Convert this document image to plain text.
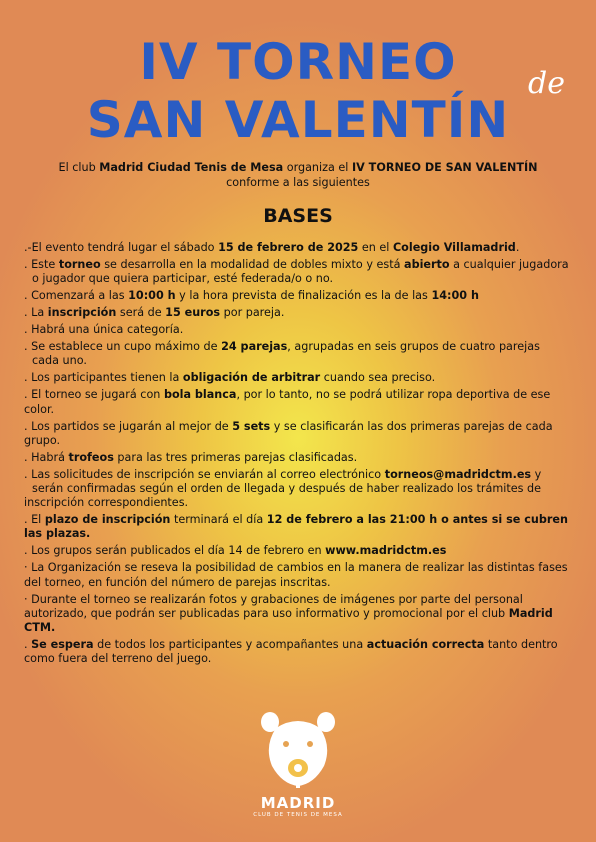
IV TORNEO	de
SAN VALENTÍN
El club Madrid Ciudad Tenis de Mesa organiza el IV TORNEO DE SAN VALENTÍN
conforme a las siguientes
BASES

.-El evento tendrá lugar el sábado 15 de febrero de 2025 en el Colegio Villamadrid.

. Este torneo se desarrolla en la modalidad de dobles mixto y está abierto a cualquier jugadora
o jugador que quiera participar, esté federada/o o no.

. Comenzará a las 10:00 h y la hora prevista de finalización es la de las 14:00 h

. La inscripción será de 15 euros por pareja.

. Habrá una única categoría.

. Se establece un cupo máximo de 24 parejas, agrupadas en seis grupos de cuatro parejas
cada uno.

. Los participantes tienen la obligación de arbitrar cuando sea preciso.

. El torneo se jugará con bola blanca, por lo tanto, no se podrá utilizar ropa deportiva de ese color.

. Los partidos se jugarán al mejor de 5 sets y se clasificarán las dos primeras parejas de cada grupo.

. Habrá trofeos para las tres primeras parejas clasificadas.

. Las solicitudes de inscripción se enviarán al correo electrónico torneos@madridctm.es y
serán confirmadas según el orden de llegada y después de haber realizado los trámites de inscripción correspondientes.

. El plazo de inscripción terminará el día 12 de febrero a las 21:00 h o antes si se cubren las plazas.

. Los grupos serán publicados el día 14 de febrero en www.madridctm.es

· La Organización se reseva la posibilidad de cambios en la manera de realizar las distintas fases del torneo, en función del número de parejas inscritas.

· Durante el torneo se realizarán fotos y grabaciones de imágenes por parte del personal autorizado, que podrán ser publicadas para uso informativo y promocional por el club Madrid CTM.

. Se espera de todos los participantes y acompañantes una actuación correcta tanto dentro como fuera del terreno del juego.

MADRID
CLUB DE TENIS DE MESA
